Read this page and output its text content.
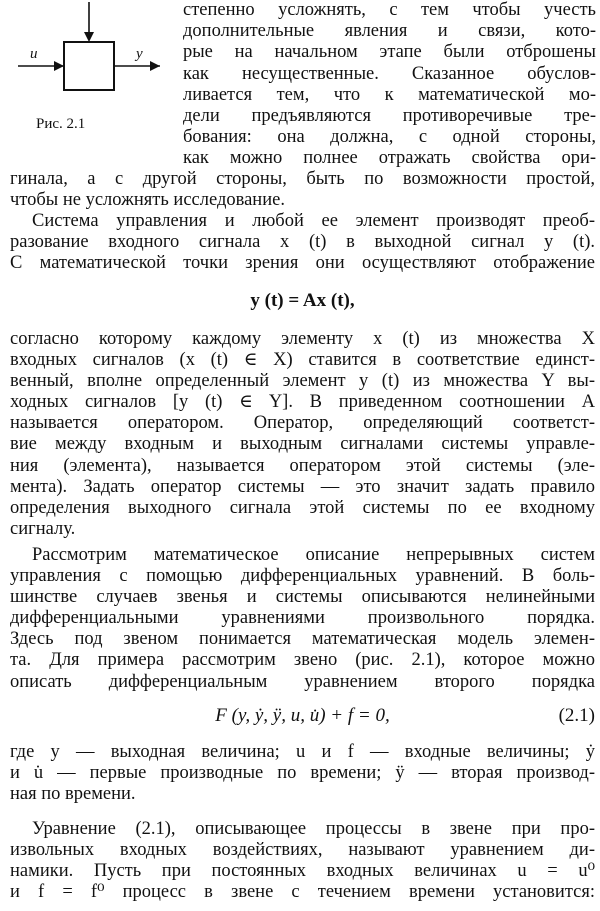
u	y
Рис. 2.1
степенно усложнять, с тем чтобы учесть
дополнительные явления и связи, кото-
рые на начальном этапе были отброшены
как несущественные. Сказанное обуслов-
ливается тем, что к математической мо-
дели предъявляются противоречивые тре-
бования: она должна, с одной стороны,
как можно полнее отражать свойства ори-
гинала, а с другой стороны, быть по возможности простой,
чтобы не усложнять исследование.
Система управления и любой ее элемент производят преоб-
разование входного сигнала x (t) в выходной сигнал y (t).
С математической точки зрения они осуществляют отображение
y (t) = Ax (t),
согласно которому каждому элементу x (t) из множества X
входных сигналов (x (t) ∈ X) ставится в соответствие единст-
венный, вполне определенный элемент y (t) из множества Y вы-
ходных сигналов [y (t) ∈ Y]. В приведенном соотношении A
называется оператором. Оператор, определяющий соответст-
вие между входным и выходным сигналами системы управле-
ния (элемента), называется оператором этой системы (эле-
мента). Задать оператор системы — это значит задать правило
определения выходного сигнала этой системы по ее входному
сигналу.
Рассмотрим математическое описание непрерывных систем
управления с помощью дифференциальных уравнений. В боль-
шинстве случаев звенья и системы описываются нелинейными
дифференциальными уравнениями произвольного порядка.
Здесь под звеном понимается математическая модель элемен-
та. Для примера рассмотрим звено (рис. 2.1), которое можно
описать дифференциальным уравнением второго порядка
F (y, ẏ, ÿ, u, u̇) + f = 0,	(2.1)
где y — выходная величина; u и f — входные величины; ẏ
и u̇ — первые производные по времени; ÿ — вторая производ-
ная по времени.
Уравнение (2.1), описывающее процессы в звене при про-
извольных входных воздействиях, называют уравнением ди-
намики. Пусть при постоянных входных величинах u = u⁰
и f = f⁰ процесс в звене с течением времени установится:
